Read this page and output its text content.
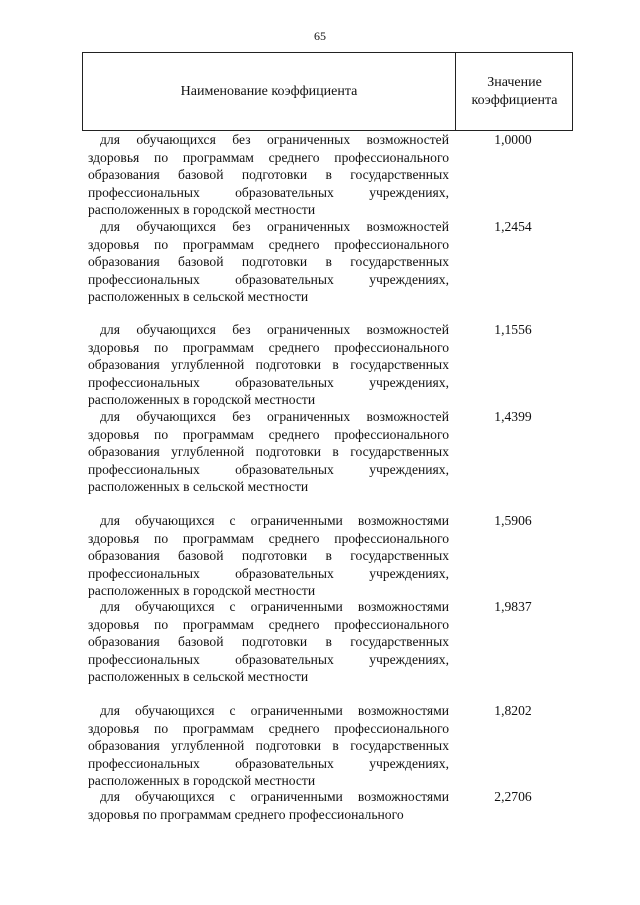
65
Наименование коэффициента
Значение коэффициента

для обучающихся без ограниченных возможностей здоровья по программам среднего профессионального образования базовой подготовки в государственных профессиональных образовательных учреждениях, расположенных в городской местности

1,0000

для обучающихся без ограниченных возможностей здоровья по программам среднего профессионального образования базовой подготовки в государственных профессиональных образовательных учреждениях, расположенных в сельской местности

1,2454

для обучающихся без ограниченных возможностей здоровья по программам среднего профессионального образования углубленной подготовки в государственных профессиональных образовательных учреждениях, расположенных в городской местности

1,1556

для обучающихся без ограниченных возможностей здоровья по программам среднего профессионального образования углубленной подготовки в государственных профессиональных образовательных учреждениях, расположенных в сельской местности

1,4399

для обучающихся с ограниченными возможностями здоровья по программам среднего профессионального образования базовой подготовки в государственных профессиональных образовательных учреждениях, расположенных в городской местности

1,5906

для обучающихся с ограниченными возможностями здоровья по программам среднего профессионального образования базовой подготовки в государственных профессиональных образовательных учреждениях, расположенных в сельской местности

1,9837

для обучающихся с ограниченными возможностями здоровья по программам среднего профессионального образования углубленной подготовки в государственных профессиональных образовательных учреждениях, расположенных в городской местности

1,8202

для обучающихся с ограниченными возможностями здоровья по программам среднего профессионального

2,2706
